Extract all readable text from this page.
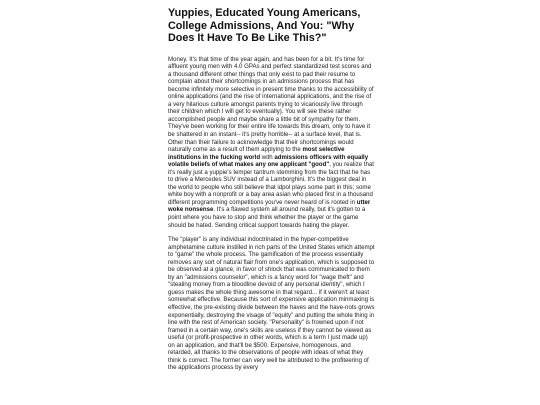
Yuppies, Educated Young Americans, College Admissions, And You: "Why Does It Have To Be Like This?"

Money. It's that time of the year again, and has been for a bit. It's time for affluent young men with 4.0 GPAs and perfect standardized test scores and a thousand different other things that only exist to pad their resume to complain about their shortcomings in an admissions process that has become infinitely more selective in present time thanks to the accessibility of online applications (and the rise of international applications, and the rise of a very hilarious culture amongst parents trying to vicariously live through their children which I will get to eventually). You will see these rather accomplished people and maybe share a little bit of sympathy for them. They've been working for their entire life towards this dream, only to have it be shattered in an instant-- it's pretty horrible-- at a surface level, that is. Other than their failure to acknowledge that their shortcomings would naturally come as a result of them applying to the most selective institutions in the fucking world with admissions officers with equally volatile beliefs of what makes any one applicant "good", you realize that it's really just a yuppie's temper tantrum stemming from the fact that he has to drive a Mercedes SUV instead of a Lamborghini. It's the biggest deal in the world to people who still believe that idpol plays some part in this; some white boy with a nonprofit or a bay area asian who placed first in a thousand different programming competitions you've never heard of is rooted in utter woke nonsense. It's a flawed system all around really, but it's gotten to a point where you have to stop and think whether the player or the game should be hated. Sending critical support towards hating the player.

The "player" is any individual indoctrinated in the hyper-competitive amphetamine culture instilled in rich parts of the United States which attempt to "game" the whole process. The gamification of the process essentially removes any sort of natural flair from one's application, which is supposed to be observed at a glance, in favor of shlock that was communicated to them by an "admissions counselor", which is a fancy word for "wage theft" and "stealing money from a bloodline devoid of any personal identity", which I guess makes the whole thing awesome in that regard... if it weren't at least somewhat effective. Because this sort of expensive application minmaxing is effective, the pre-existing divide between the haves and the have-nots grows exponentially, destroying the visage of "equity" and putting the whole thing in line with the rest of American society. "Personality" is frowned upon if not framed in a certain way, one's skills are useless if they cannot be viewed as useful (or profit-prospective in other words, which is a term I just made up) on an application, and that'll be $500. Expensive, homogenous, and retarded, all thanks to the observations of people with ideas of what they think is correct. The former can very well be attributed to the profiteering of the applications process by every
